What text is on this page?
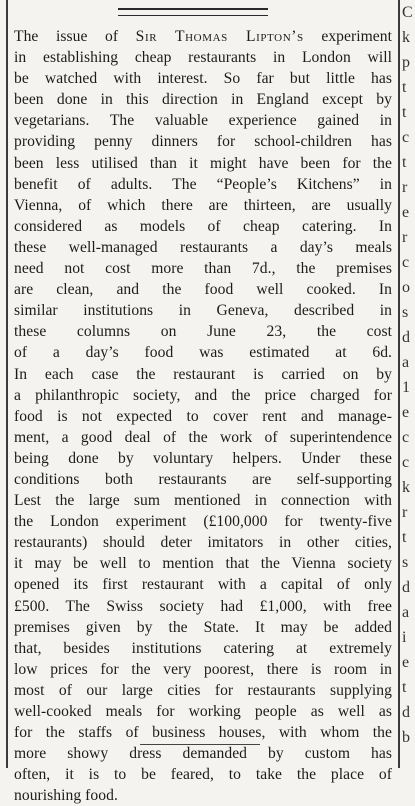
The issue of Sir Thomas Lipton’s experiment
in establishing cheap restaurants in London will
be watched with interest. So far but little has
been done in this direction in England except by
vegetarians. The valuable experience gained in
providing penny dinners for school-children has
been less utilised than it might have been for the
benefit of adults. The “People’s Kitchens” in
Vienna, of which there are thirteen, are usually
considered as models of cheap catering. In
these well-managed restaurants a day’s meals
need not cost more than 7d., the premises
are clean, and the food well cooked. In
similar institutions in Geneva, described in
these columns on June 23, the cost
of a day’s food was estimated at 6d.
In each case the restaurant is carried on by
a philanthropic society, and the price charged for
food is not expected to cover rent and manage-
ment, a good deal of the work of superintendence
being done by voluntary helpers. Under these
conditions both restaurants are self-supporting
Lest the large sum mentioned in connection with
the London experiment (£100,000 for twenty-five
restaurants) should deter imitators in other cities,
it may be well to mention that the Vienna society
opened its first restaurant with a capital of only
£500. The Swiss society had £1,000, with free
premises given by the State. It may be added
that, besides institutions catering at extremely
low prices for the very poorest, there is room in
most of our large cities for restaurants supplying
well-cooked meals for working people as well as
for the staffs of business houses, with whom the
more showy dress demanded by custom has
often, it is to be feared, to take the place of
nourishing food.
C
k
p
t
t
c
t
r
e
r
c
o
s
d
a
1
e
c
c
k
r
t
s
d
a
i
e
t
d
b
